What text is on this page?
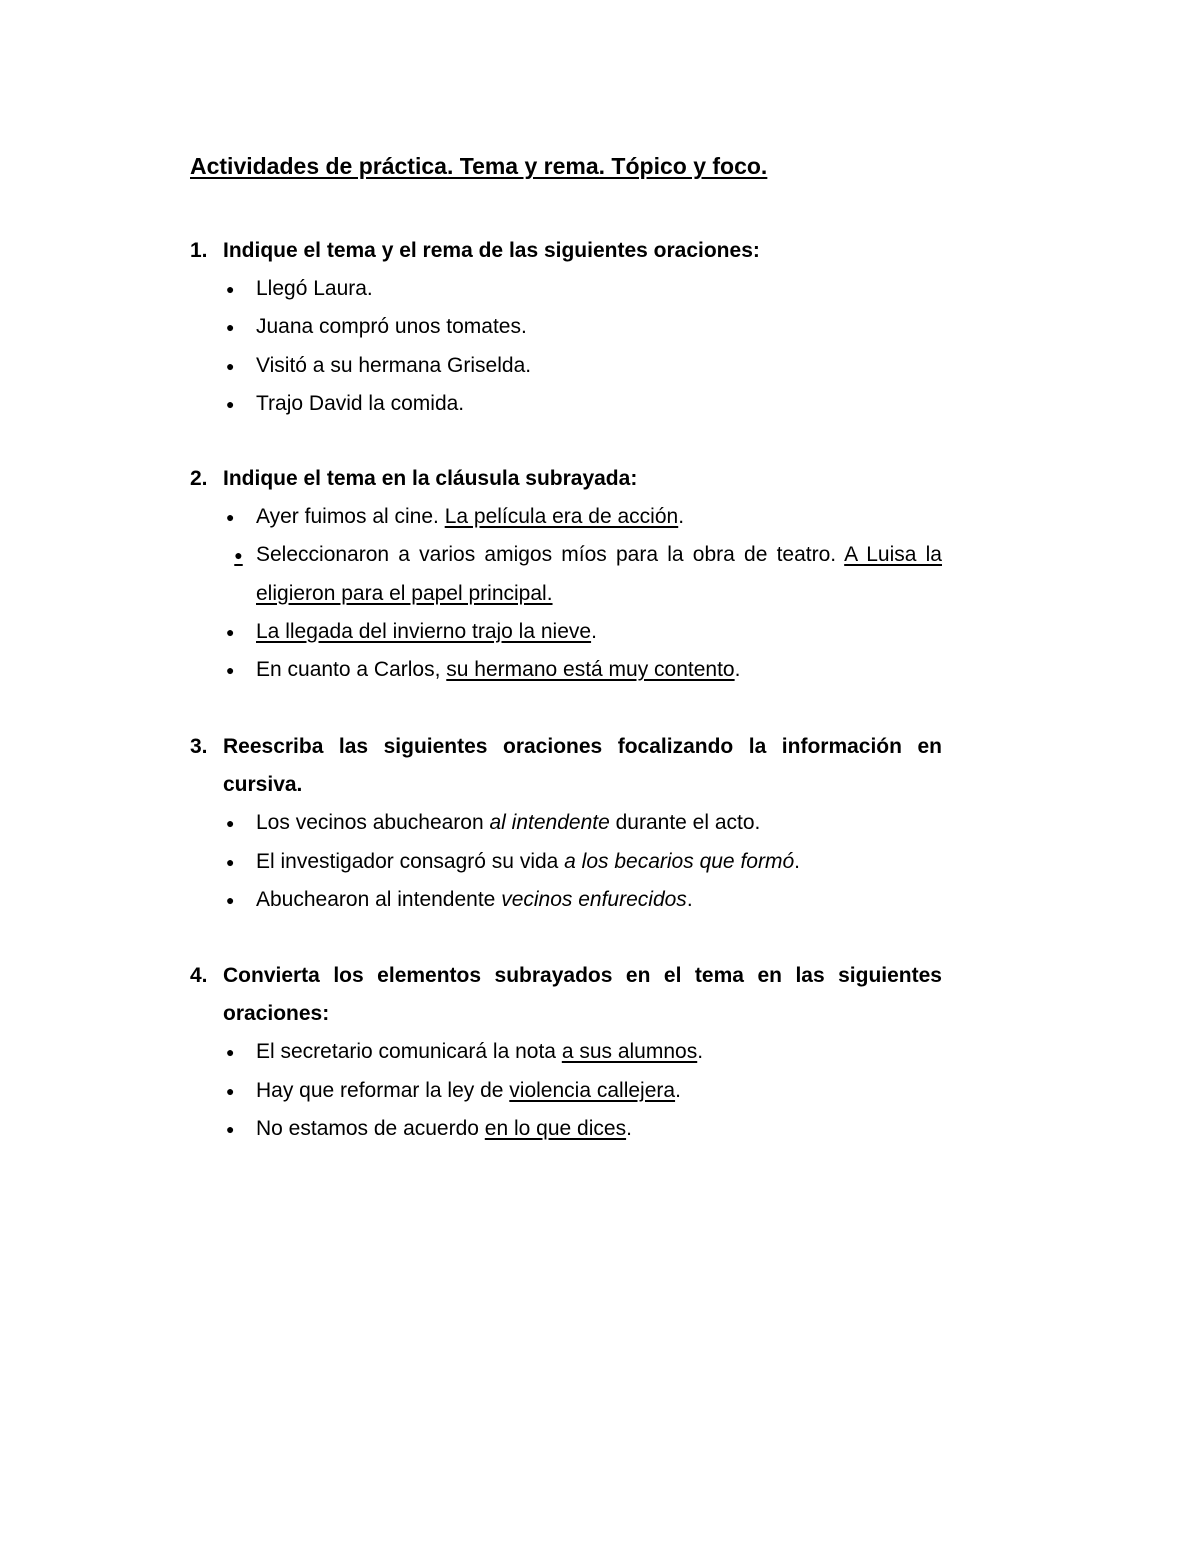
Actividades de práctica. Tema y rema. Tópico y foco.
1. Indique el tema y el rema de las siguientes oraciones:
● Llegó Laura.
● Juana compró unos tomates.
● Visitó a su hermana Griselda.
● Trajo David la comida.
2. Indique el tema en la cláusula subrayada:
● Ayer fuimos al cine. La película era de acción.
● Seleccionaron a varios amigos míos para la obra de teatro. A Luisa la eligieron para el papel principal.
● La llegada del invierno trajo la nieve.
● En cuanto a Carlos, su hermano está muy contento.
3. Reescriba las siguientes oraciones focalizando la información en cursiva.
● Los vecinos abuchearon al intendente durante el acto.
● El investigador consagró su vida a los becarios que formó.
● Abuchearon al intendente vecinos enfurecidos.
4. Convierta los elementos subrayados en el tema en las siguientes oraciones:
● El secretario comunicará la nota a sus alumnos.
● Hay que reformar la ley de violencia callejera.
● No estamos de acuerdo en lo que dices.
